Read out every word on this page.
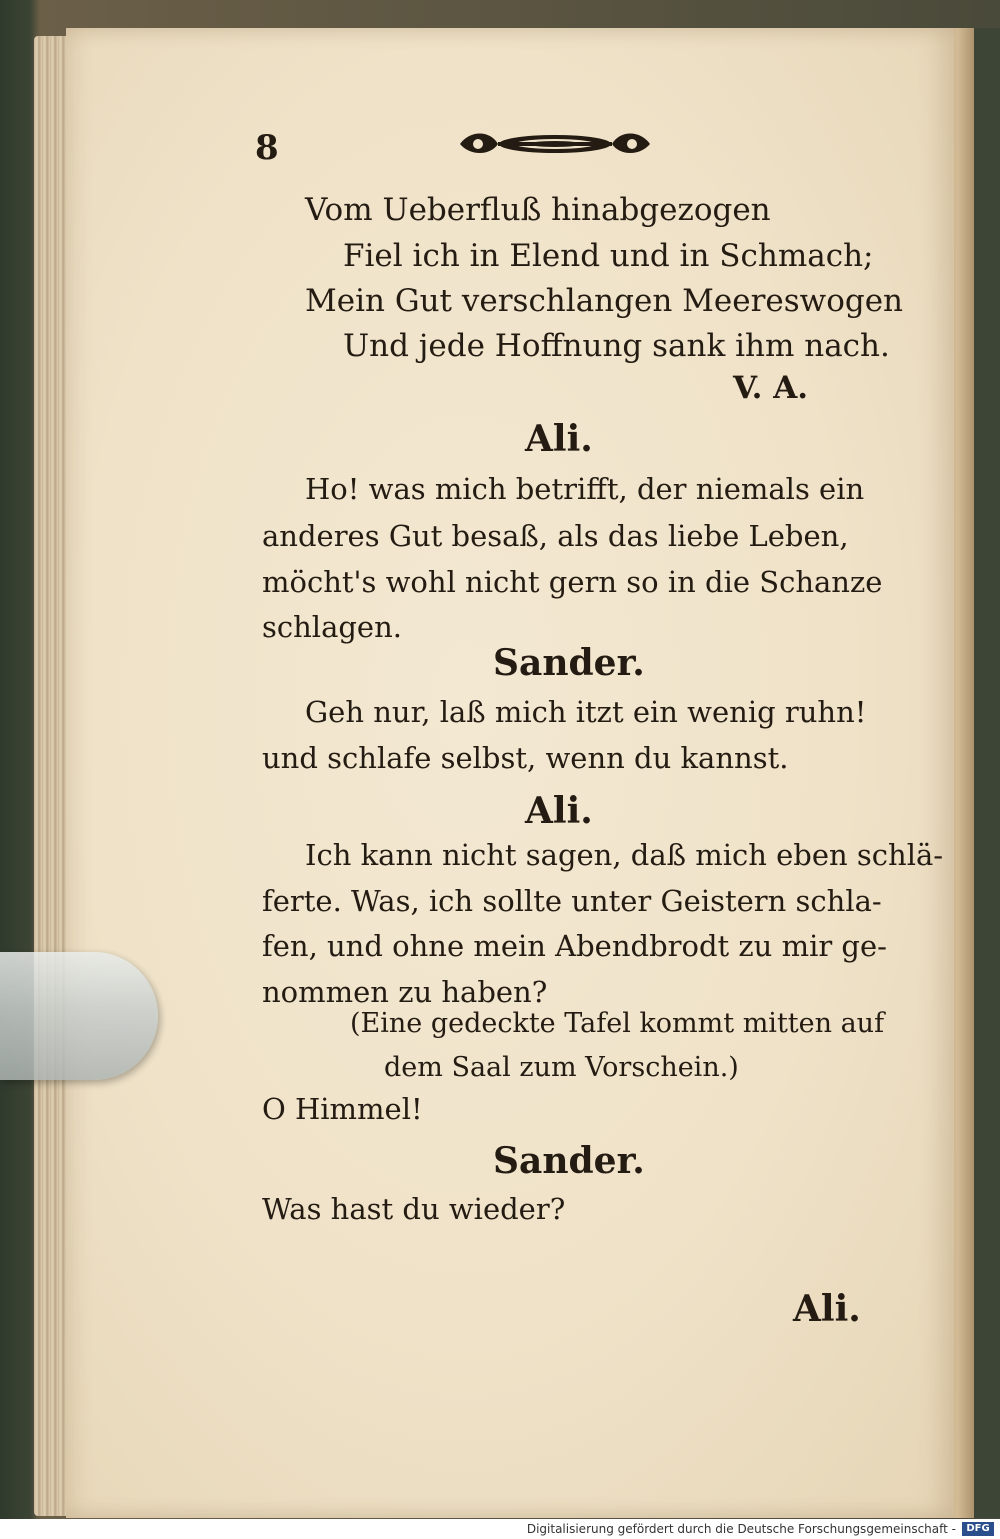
8
Vom Ueberfluß hinabgezogen
Fiel ich in Elend und in Schmach;
Mein Gut verschlangen Meereswogen
Und jede Hoffnung sank ihm nach.
V. A.
Ali.
Ho! was mich betrifft, der niemals ein
anderes Gut besaß, als das liebe Leben,
möcht's wohl nicht gern so in die Schanze
schlagen.
Sander.
Geh nur, laß mich itzt ein wenig ruhn!
und schlafe selbst, wenn du kannst.
Ali.
Ich kann nicht sagen, daß mich eben schlä-
ferte. Was, ich sollte unter Geistern schla-
fen, und ohne mein Abendbrodt zu mir ge-
nommen zu haben?
(Eine gedeckte Tafel kommt mitten auf
dem Saal zum Vorschein.)
O Himmel!
Sander.
Was hast du wieder?
Ali.
Digitalisierung gefördert durch die Deutsche Forschungsgemeinschaft -	DFG
